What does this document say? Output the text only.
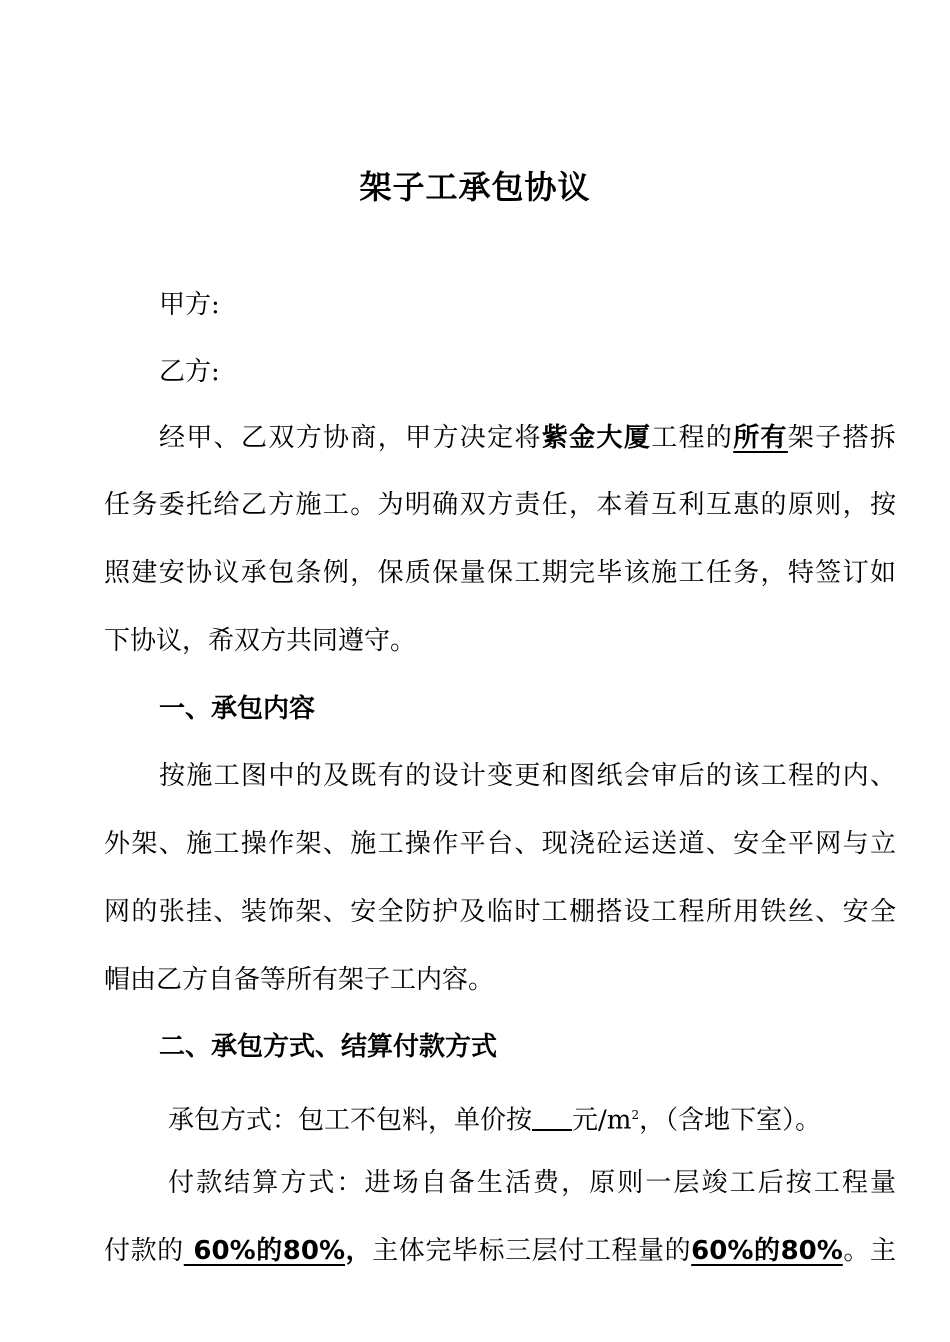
架子工承包协议
甲方:
乙方:
经甲、乙双方协商，甲方决定将紫金大厦工程的所有架子搭拆
任务委托给乙方施工。为明确双方责任，本着互利互惠的原则，按
照建安协议承包条例，保质保量保工期完毕该施工任务，特签订如
下协议，希双方共同遵守。
一、承包内容
按施工图中的及既有的设计变更和图纸会审后的该工程的内、
外架、施工操作架、施工操作平台、现浇砼运送道、安全平网与立
网的张挂、装饰架、安全防护及临时工棚搭设工程所用铁丝、安全
帽由乙方自备等所有架子工内容。
二、承包方式、结算付款方式
承包方式：包工不包料，单价按 元$/m^2$，（含地下室）。
付款结算方式：进场自备生活费，原则一层竣工后按工程量
付款的 60%的80%，主体完毕标三层付工程量的60%的80%。主
